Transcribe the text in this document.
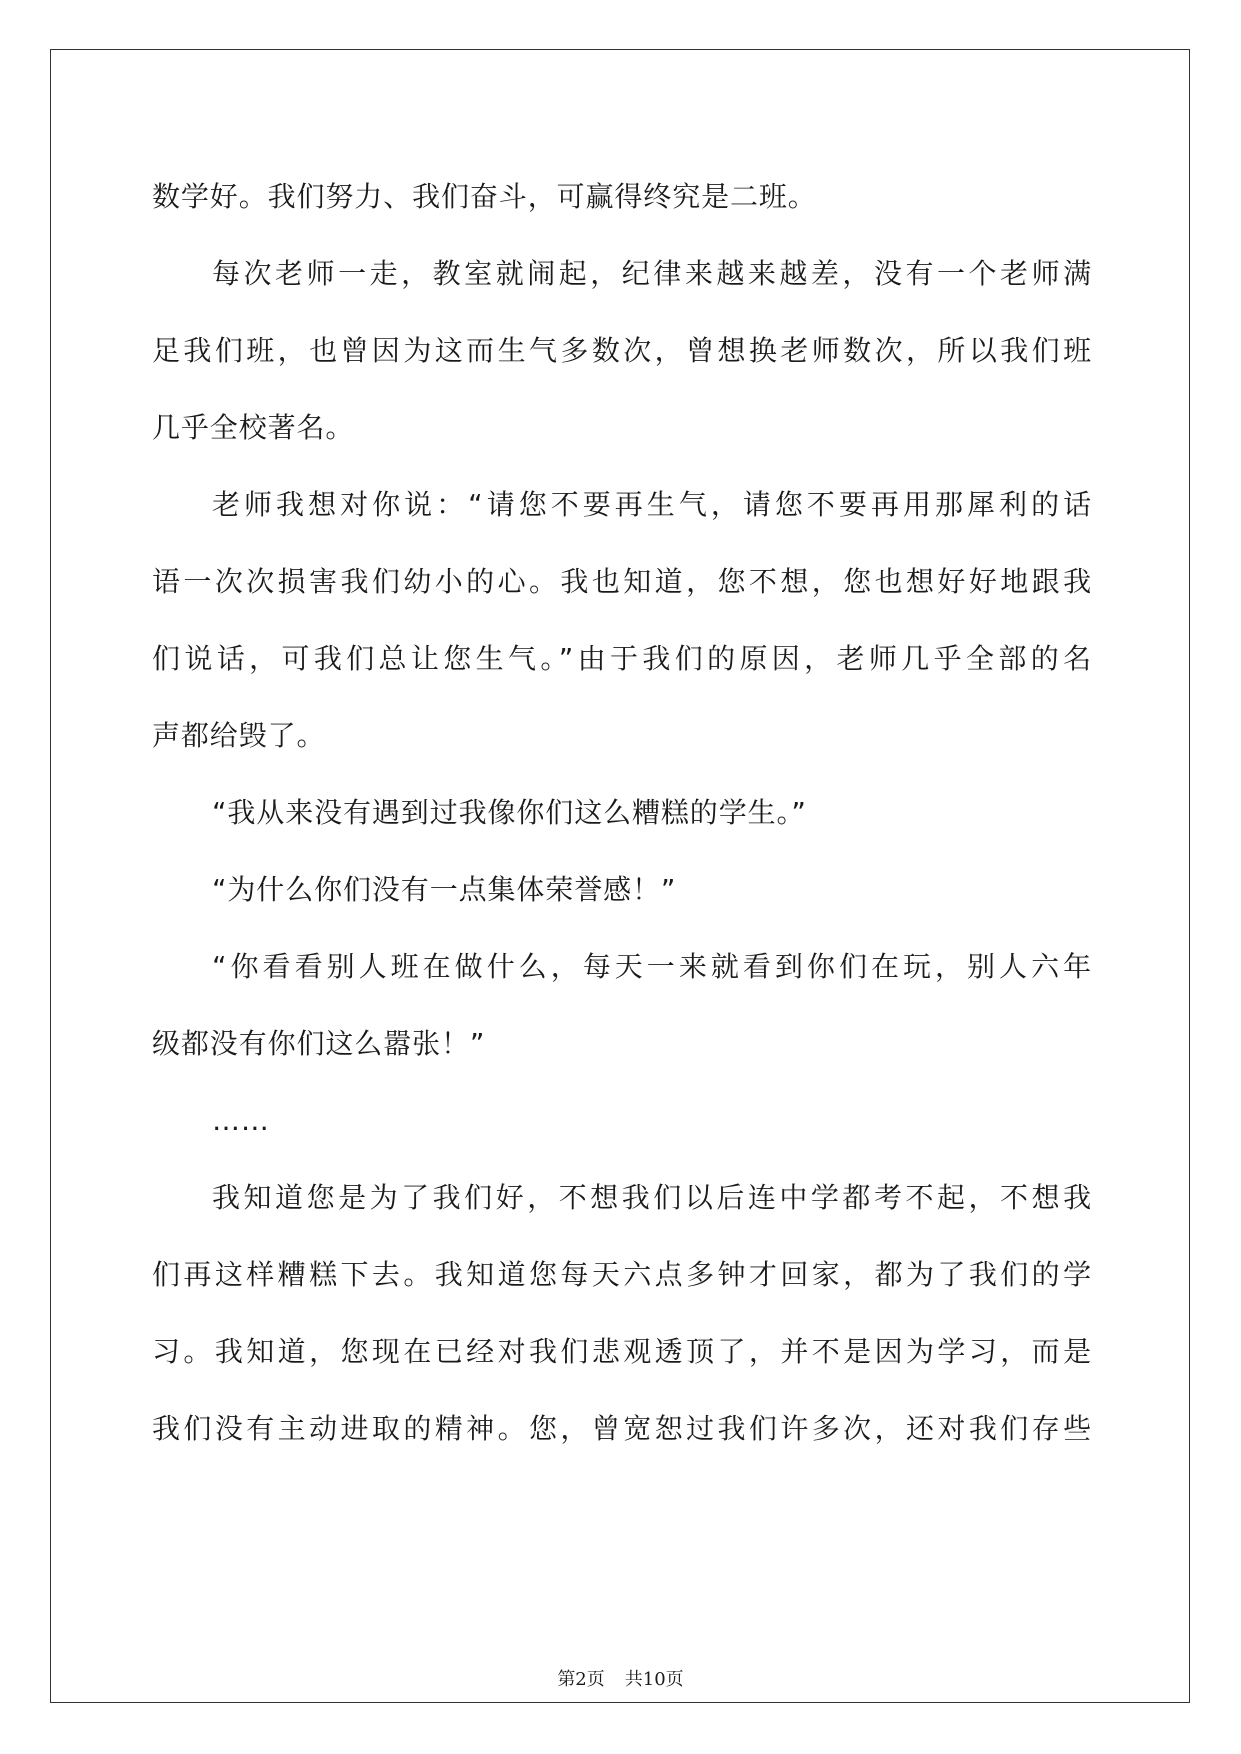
数学好。我们努力、我们奋斗，可赢得终究是二班。
每次老师一走，教室就闹起，纪律来越来越差，没有一个老师满
足我们班，也曾因为这而生气多数次，曾想换老师数次，所以我们班
几乎全校著名。
老师我想对你说：“请您不要再生气，请您不要再用那犀利的话
语一次次损害我们幼小的心。我也知道，您不想，您也想好好地跟我
们说话，可我们总让您生气。”由于我们的原因，老师几乎全部的名
声都给毁了。
“我从来没有遇到过我像你们这么糟糕的学生。”
“为什么你们没有一点集体荣誉感！”
“你看看别人班在做什么，每天一来就看到你们在玩，别人六年
级都没有你们这么嚣张！”
……
我知道您是为了我们好，不想我们以后连中学都考不起，不想我
们再这样糟糕下去。我知道您每天六点多钟才回家，都为了我们的学
习。我知道，您现在已经对我们悲观透顶了，并不是因为学习，而是
我们没有主动进取的精神。您，曾宽恕过我们许多次，还对我们存些
第2页 共10页
